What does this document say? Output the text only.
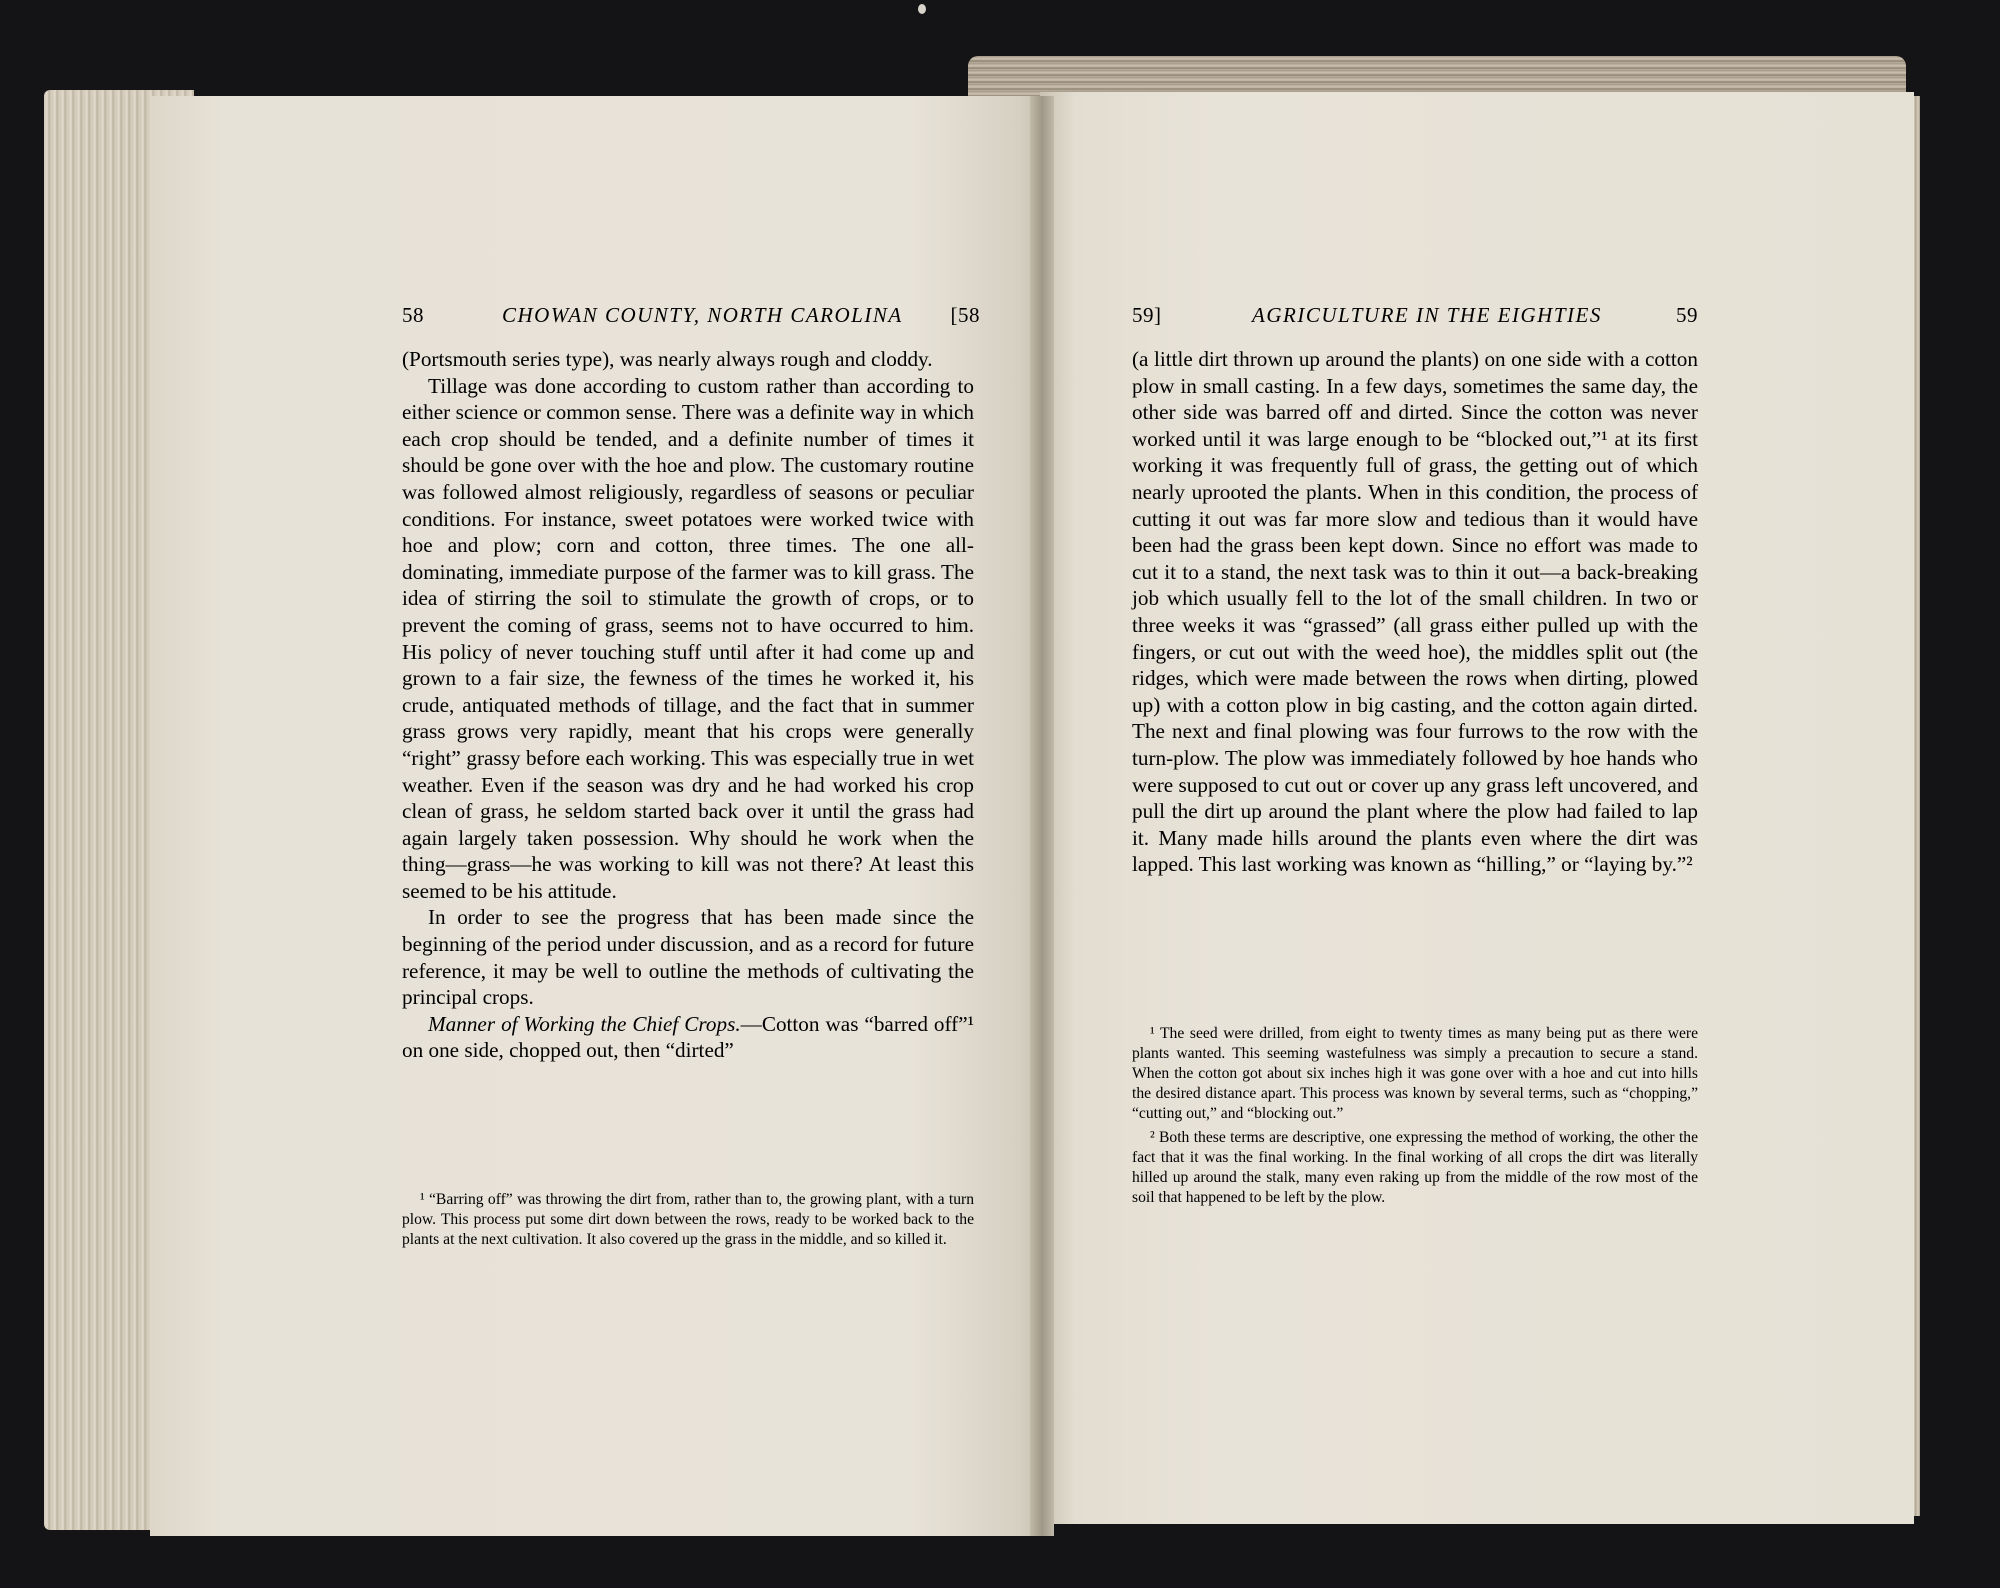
58	CHOWAN COUNTY, NORTH CAROLINA [58

(Portsmouth series type), was nearly always rough and cloddy.

Tillage was done according to custom rather than according to either science or common sense. There was a definite way in which each crop should be tended, and a definite number of times it should be gone over with the hoe and plow. The customary routine was followed almost religiously, regardless of seasons or peculiar conditions. For instance, sweet potatoes were worked twice with hoe and plow; corn and cotton, three times. The one all-dominating, immediate purpose of the farmer was to kill grass. The idea of stirring the soil to stimulate the growth of crops, or to prevent the coming of grass, seems not to have occurred to him. His policy of never touching stuff until after it had come up and grown to a fair size, the fewness of the times he worked it, his crude, antiquated methods of tillage, and the fact that in summer grass grows very rapidly, meant that his crops were generally “right” grassy before each working. This was especially true in wet weather. Even if the season was dry and he had worked his crop clean of grass, he seldom started back over it until the grass had again largely taken possession. Why should he work when the thing—grass—he was working to kill was not there? At least this seemed to be his attitude.

In order to see the progress that has been made since the beginning of the period under discussion, and as a record for future reference, it may be well to outline the methods of cultivating the principal crops.

Manner of Working the Chief Crops.—Cotton was “barred off”¹ on one side, chopped out, then “dirted”

¹ “Barring off” was throwing the dirt from, rather than to, the growing plant, with a turn plow. This process put some dirt down between the rows, ready to be worked back to the plants at the next cultivation. It also covered up the grass in the middle, and so killed it.

59]	AGRICULTURE IN THE EIGHTIES	59

(a little dirt thrown up around the plants) on one side with a cotton plow in small casting. In a few days, sometimes the same day, the other side was barred off and dirted. Since the cotton was never worked until it was large enough to be “blocked out,”¹ at its first working it was frequently full of grass, the getting out of which nearly uprooted the plants. When in this condition, the process of cutting it out was far more slow and tedious than it would have been had the grass been kept down. Since no effort was made to cut it to a stand, the next task was to thin it out—a back-breaking job which usually fell to the lot of the small children. In two or three weeks it was “grassed” (all grass either pulled up with the fingers, or cut out with the weed hoe), the middles split out (the ridges, which were made between the rows when dirting, plowed up) with a cotton plow in big casting, and the cotton again dirted. The next and final plowing was four furrows to the row with the turn-plow. The plow was immediately followed by hoe hands who were supposed to cut out or cover up any grass left uncovered, and pull the dirt up around the plant where the plow had failed to lap it. Many made hills around the plants even where the dirt was lapped. This last working was known as “hilling,” or “laying by.”²

¹ The seed were drilled, from eight to twenty times as many being put as there were plants wanted. This seeming wastefulness was simply a precaution to secure a stand. When the cotton got about six inches high it was gone over with a hoe and cut into hills the desired distance apart. This process was known by several terms, such as “chopping,” “cutting out,” and “blocking out.”

² Both these terms are descriptive, one expressing the method of working, the other the fact that it was the final working. In the final working of all crops the dirt was literally hilled up around the stalk, many even raking up from the middle of the row most of the soil that happened to be left by the plow.
